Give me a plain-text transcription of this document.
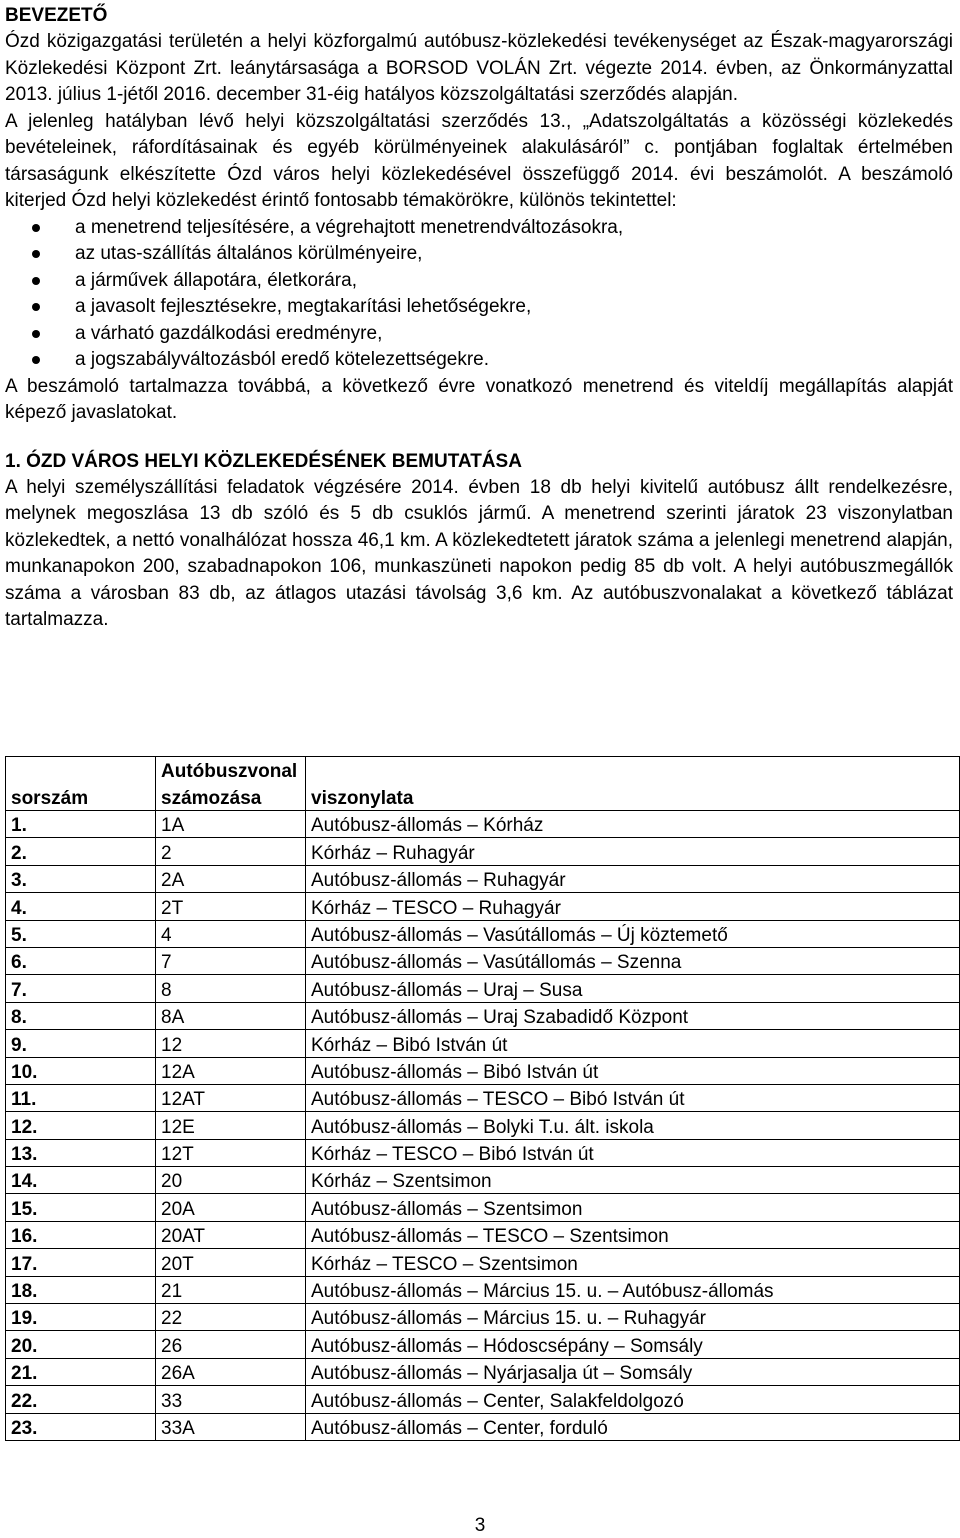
BEVEZETŐ

Ózd közigazgatási területén a helyi közforgalmú autóbusz-közlekedési tevékenységet az Észak-magyarországi Közlekedési Központ Zrt. leánytársasága a BORSOD VOLÁN Zrt. végezte 2014. évben, az Önkormányzattal 2013. július 1-jétől 2016. december 31-éig hatályos közszolgáltatási szerződés alapján.

A jelenleg hatályban lévő helyi közszolgáltatási szerződés 13., „Adatszolgáltatás a közösségi közlekedés bevételeinek, ráfordításainak és egyéb körülményeinek alakulásáról” c. pontjában foglaltak értelmében társaságunk elkészítette Ózd város helyi közlekedésével összefüggő 2014. évi beszámolót. A beszámoló kiterjed Ózd helyi közlekedést érintő fontosabb témakörökre, különös tekintettel:

a menetrend teljesítésére, a végrehajtott menetrendváltozásokra,
az utas-szállítás általános körülményeire,
a járművek állapotára, életkorára,
a javasolt fejlesztésekre, megtakarítási lehetőségekre,
a várható gazdálkodási eredményre,
a jogszabályváltozásból eredő kötelezettségekre.

A beszámoló tartalmazza továbbá, a következő évre vonatkozó menetrend és viteldíj megállapítás alapját képező javaslatokat.

1. ÓZD VÁROS HELYI KÖZLEKEDÉSÉNEK BEMUTATÁSA

A helyi személyszállítási feladatok végzésére 2014. évben 18 db helyi kivitelű autóbusz állt rendelkezésre, melynek megoszlása 13 db szóló és 5 db csuklós jármű. A menetrend szerinti járatok 23 viszonylatban közlekedtek, a nettó vonalhálózat hossza 46,1 km. A közlekedtetett járatok száma a jelenlegi menetrend alapján, munkanapokon 200, szabadnapokon 106, munkaszüneti napokon pedig 85 db volt. A helyi autóbuszmegállók száma a városban 83 db, az átlagos utazási távolság 3,6 km. Az autóbuszvonalakat a következő táblázat tartalmazza.

	Autóbuszvonal	
sorszám	számozása	viszonylata
1.	1A	Autóbusz-állomás – Kórház
2.	2	Kórház – Ruhagyár
3.	2A	Autóbusz-állomás – Ruhagyár
4.	2T	Kórház – TESCO – Ruhagyár
5.	4	Autóbusz-állomás – Vasútállomás – Új köztemető
6.	7	Autóbusz-állomás – Vasútállomás – Szenna
7.	8	Autóbusz-állomás – Uraj – Susa
8.	8A	Autóbusz-állomás – Uraj Szabadidő Központ
9.	12	Kórház – Bibó István út
10.	12A	Autóbusz-állomás – Bibó István út
11.	12AT	Autóbusz-állomás – TESCO – Bibó István út
12.	12E	Autóbusz-állomás – Bolyki T.u. ált. iskola
13.	12T	Kórház – TESCO – Bibó István út
14.	20	Kórház – Szentsimon
15.	20A	Autóbusz-állomás – Szentsimon
16.	20AT	Autóbusz-állomás – TESCO – Szentsimon
17.	20T	Kórház – TESCO – Szentsimon
18.	21	Autóbusz-állomás – Március 15. u. – Autóbusz-állomás
19.	22	Autóbusz-állomás – Március 15. u. – Ruhagyár
20.	26	Autóbusz-állomás – Hódoscsépány – Somsály
21.	26A	Autóbusz-állomás – Nyárjasalja út – Somsály
22.	33	Autóbusz-állomás – Center, Salakfeldolgozó
23.	33A	Autóbusz-állomás – Center, forduló
3
